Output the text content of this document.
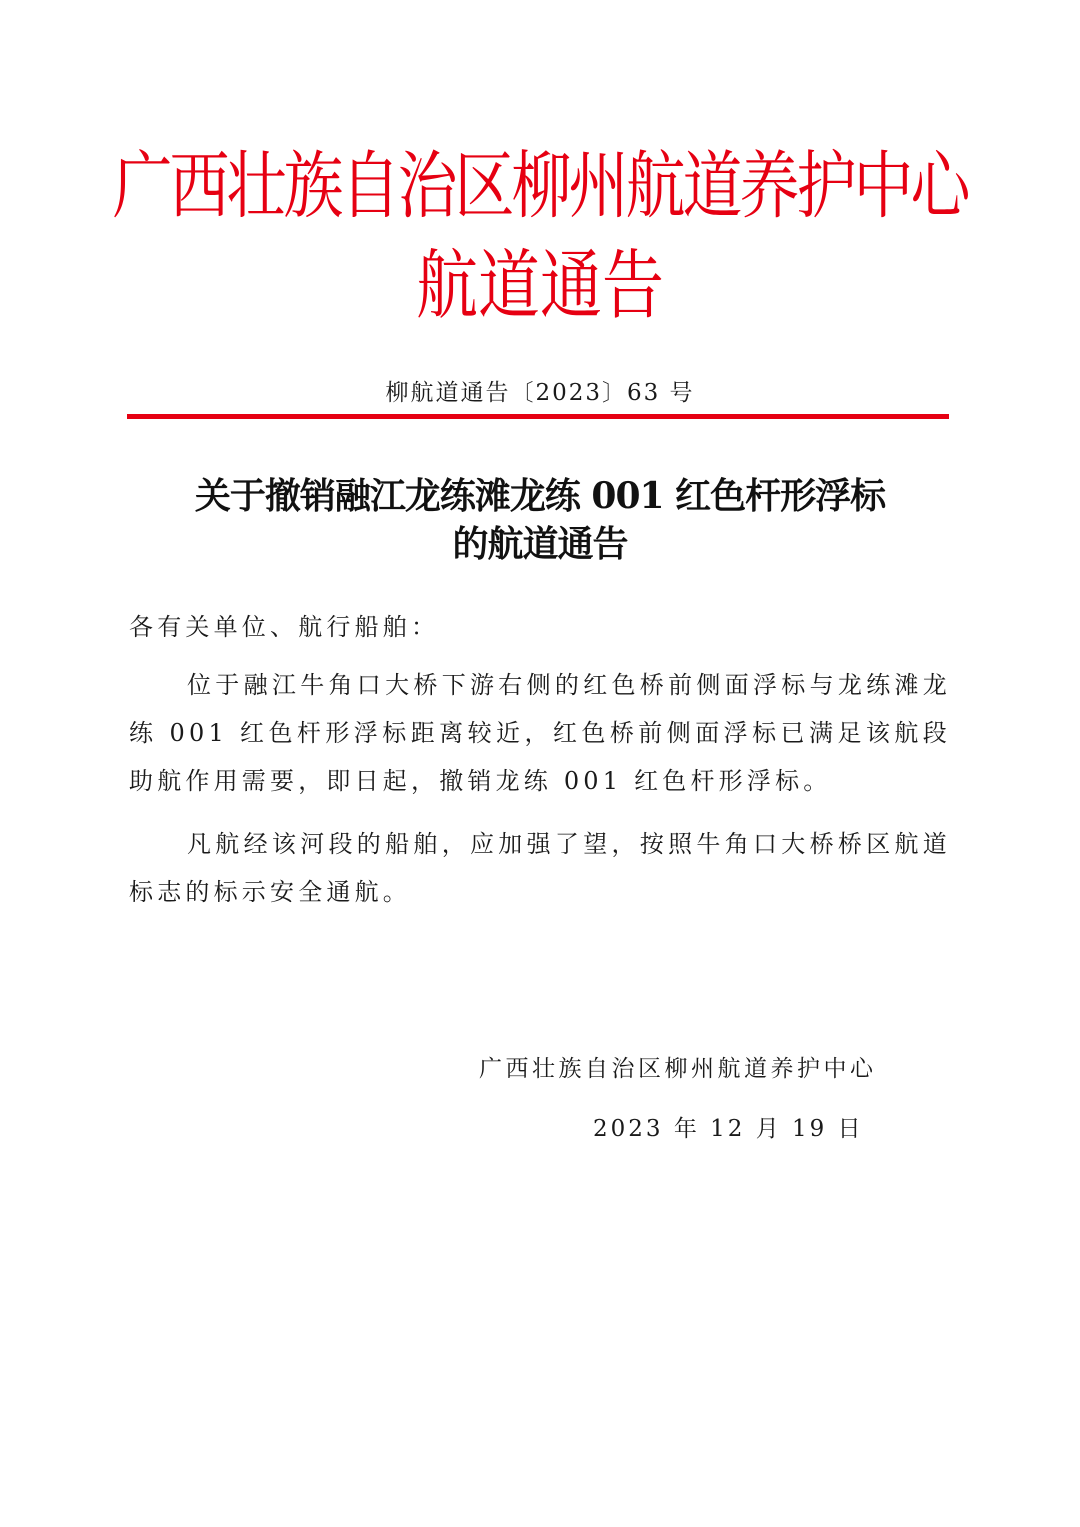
广西壮族自治区柳州航道养护中心
航道通告
柳航道通告〔2023〕63 号
关于撤销融江龙练滩龙练 001 红色杆形浮标
的航道通告

各有关单位、航行船舶：

位于融江牛角口大桥下游右侧的红色桥前侧面浮标与龙练滩龙练 001 红色杆形浮标距离较近，红色桥前侧面浮标已满足该航段助航作用需要，即日起，撤销龙练 001 红色杆形浮标。

凡航经该河段的船舶，应加强了望，按照牛角口大桥桥区航道标志的标示安全通航。

广西壮族自治区柳州航道养护中心
2023 年 12 月 19 日
